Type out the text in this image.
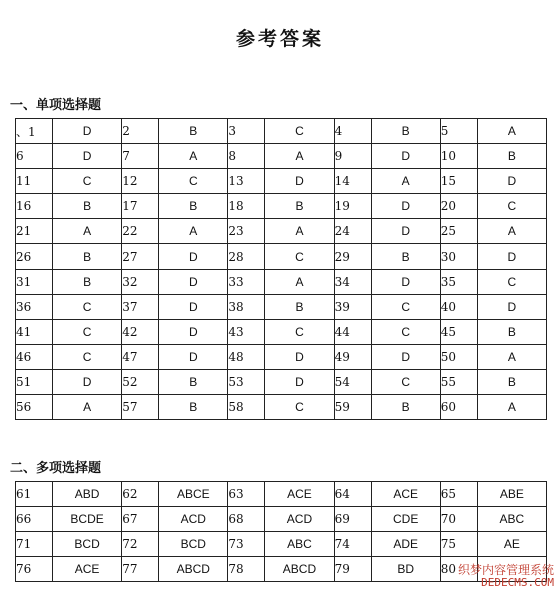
参考答案
一、单项选择题
、1	D	2	B	3	C	4	B	5	A
6	D	7	A	8	A	9	D	10	B
11	C	12	C	13	D	14	A	15	D
16	B	17	B	18	B	19	D	20	C
21	A	22	A	23	A	24	D	25	A
26	B	27	D	28	C	29	B	30	D
31	B	32	D	33	A	34	D	35	C
36	C	37	D	38	B	39	C	40	D
41	C	42	D	43	C	44	C	45	B
46	C	47	D	48	D	49	D	50	A
51	D	52	B	53	D	54	C	55	B
56	A	57	B	58	C	59	B	60	A
二、多项选择题
61	ABD	62	ABCE	63	ACE	64	ACE	65	ABE
66	BCDE	67	ACD	68	ACD	69	CDE	70	ABC
71	BCD	72	BCD	73	ABC	74	ADE	75	AE
76	ACE	77	ABCD	78	ABCD	79	BD	80	织梦内容管理系统
DEDECMS.COM
